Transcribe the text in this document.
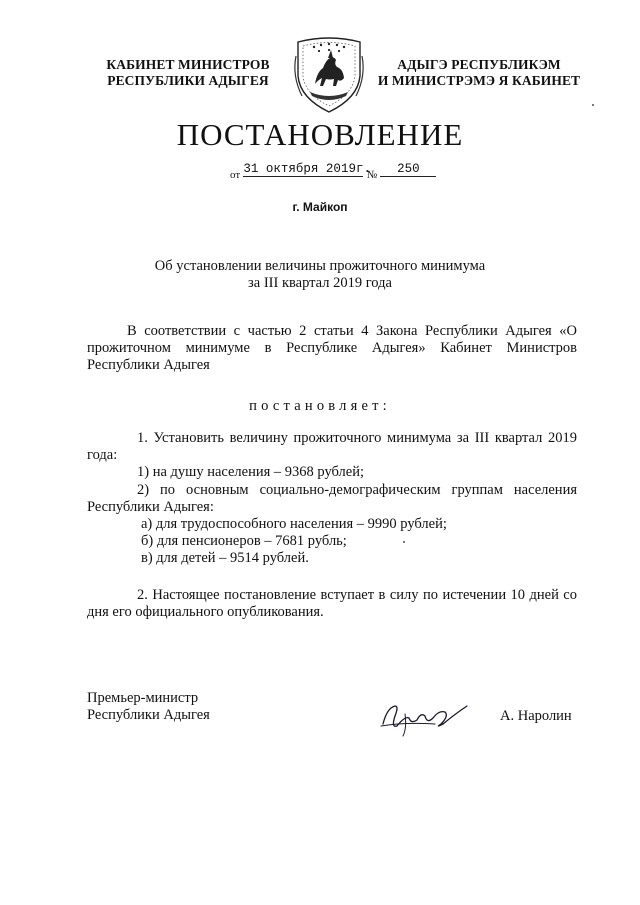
КАБИНЕТ МИНИСТРОВ
РЕСПУБЛИКИ АДЫГЕЯ
АДЫГЭ РЕСПУБЛИКЭМ
И МИНИСТРЭМЭ Я КАБИНЕТ
ПОСТАНОВЛЕНИЕ
$_{от}$ 31 октября 2019г. $_№$ 250
г. Майкоп
Об установлении величины прожиточного минимума
за III квартал 2019 года
В соответствии с частью 2 статьи 4 Закона Республики Адыгея «О прожиточном минимуме в Республике Адыгея» Кабинет Министров Республики Адыгея
постановляет:
1. Установить величину прожиточного минимума за III квартал 2019 года:
1) на душу населения – 9368 рублей;
2) по основным социально-демографическим группам населения Республики Адыгея:
а) для трудоспособного населения – 9990 рублей;
б) для пенсионеров – 7681 рубль;
в) для детей – 9514 рублей.
2. Настоящее постановление вступает в силу по истечении 10 дней со дня его официального опубликования.
Премьер-министр
Республики Адыгея	А. Наролин
